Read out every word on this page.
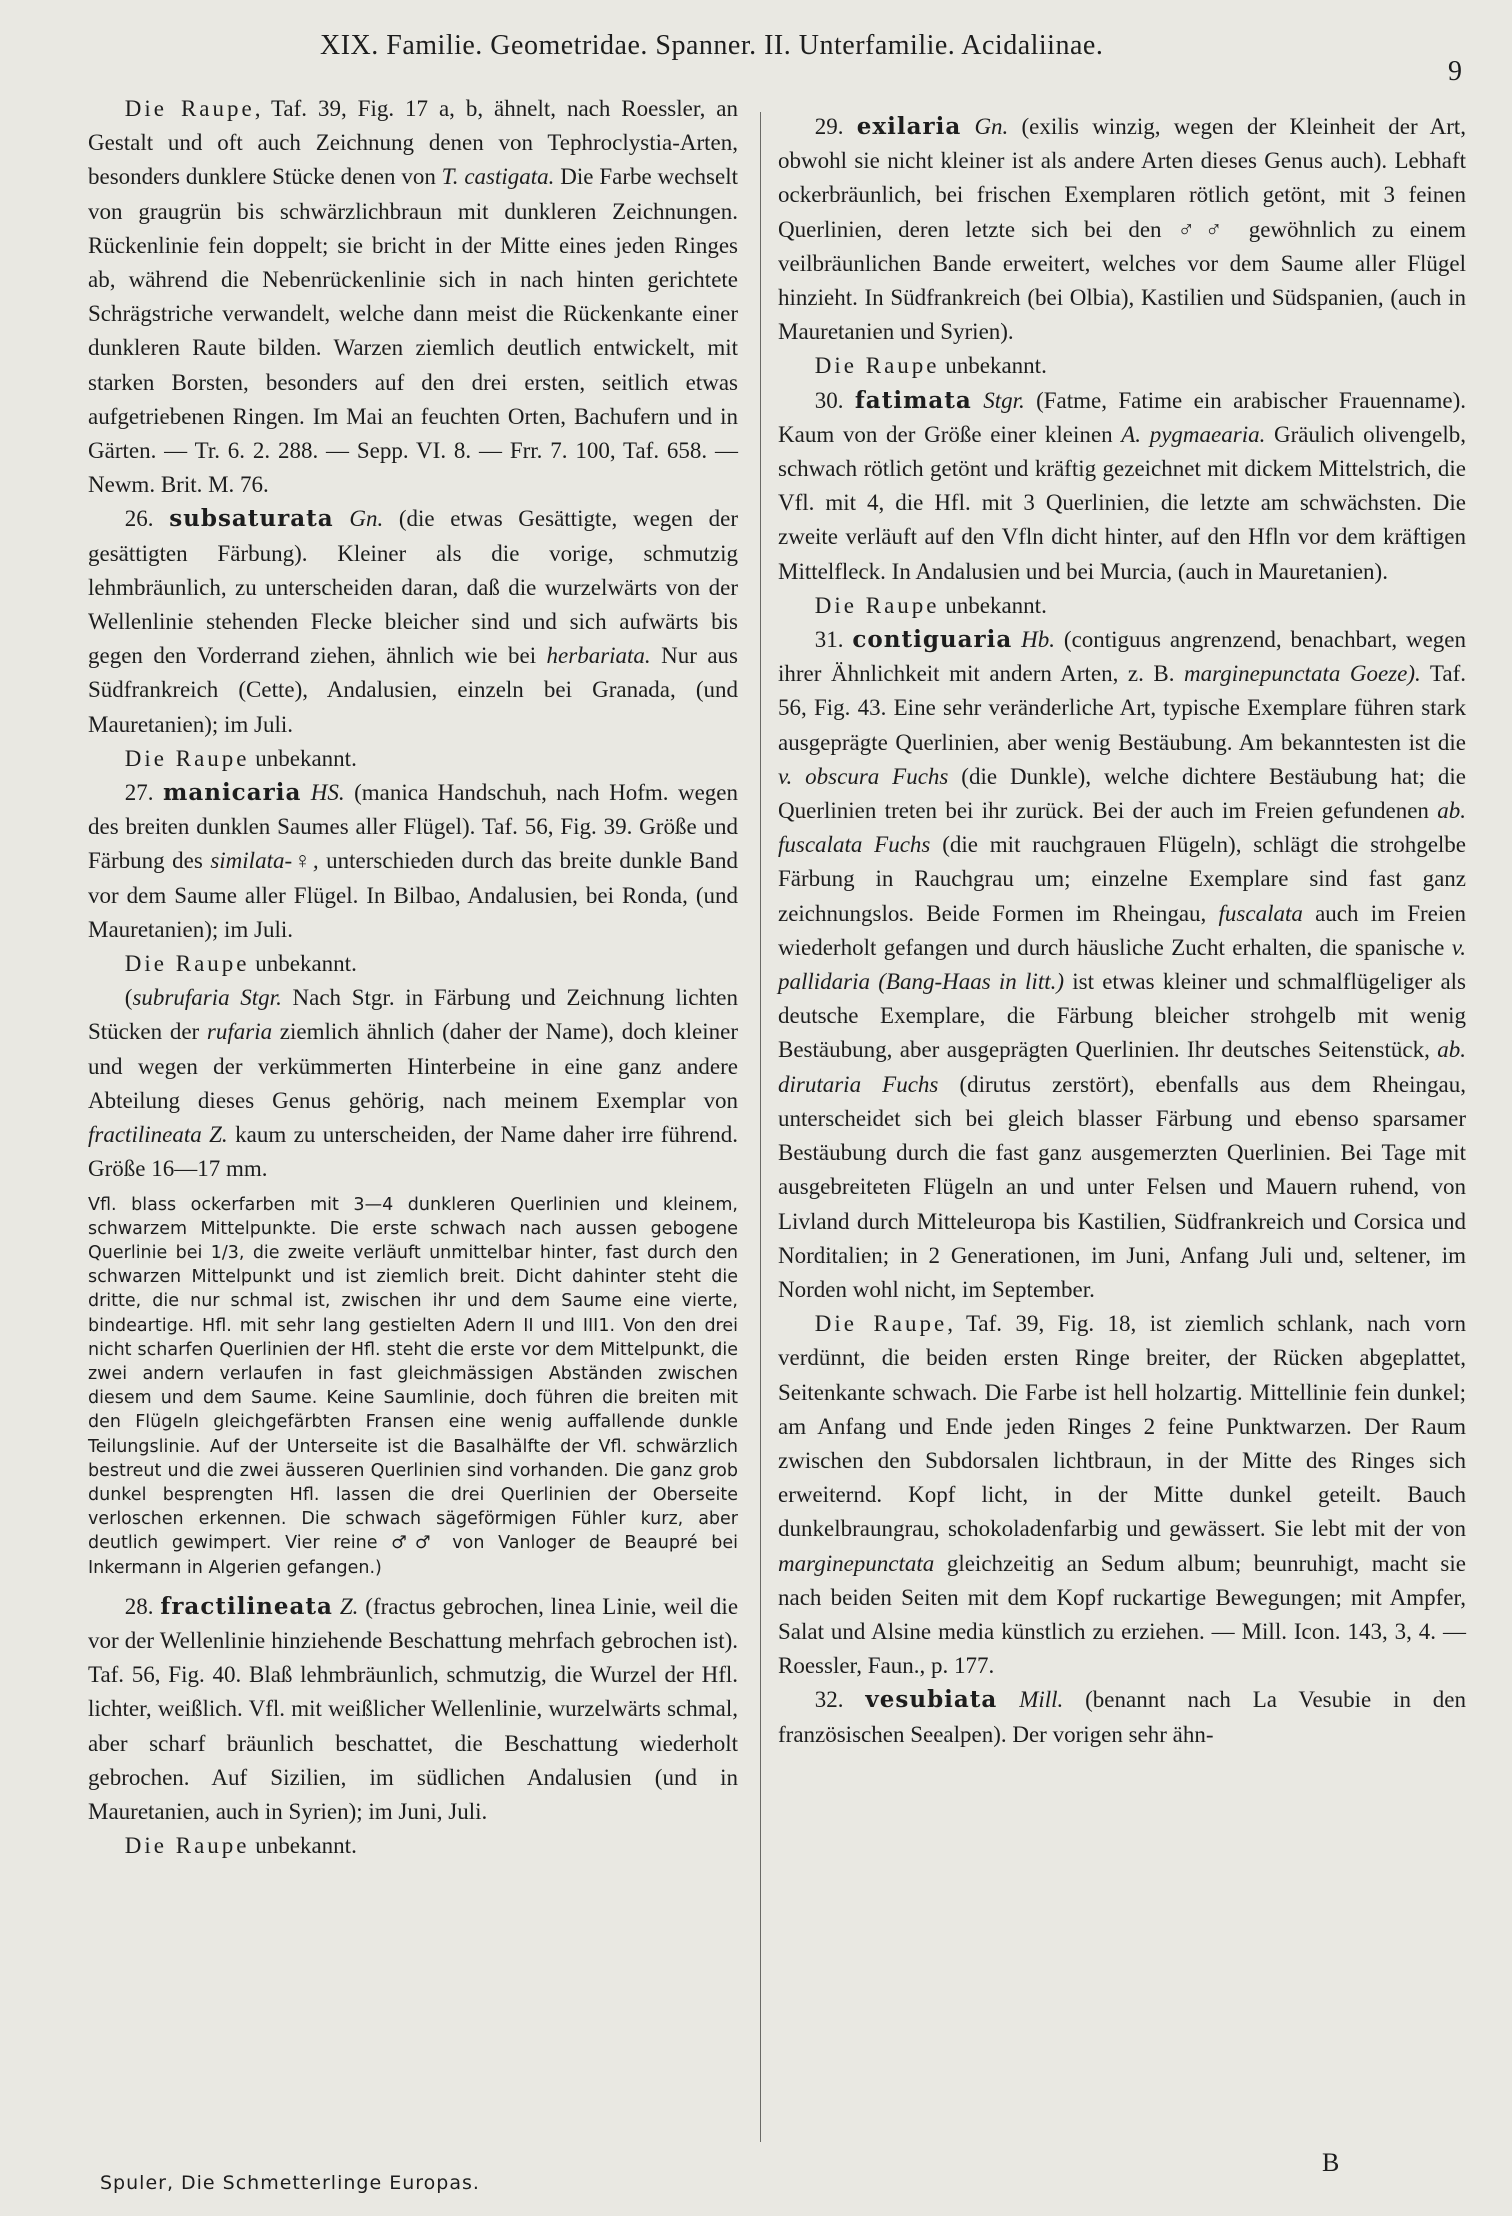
XIX. Familie. Geometridae. Spanner. II. Unterfamilie. Acidaliinae.
9

Die Raupe, Taf. 39, Fig. 17 a, b, ähnelt, nach Roessler, an Gestalt und oft auch Zeichnung denen von Tephroclystia-Arten, besonders dunklere Stücke denen von T. castigata. Die Farbe wechselt von graugrün bis schwärzlichbraun mit dunkleren Zeichnungen. Rückenlinie fein doppelt; sie bricht in der Mitte eines jeden Ringes ab, während die Nebenrückenlinie sich in nach hinten gerichtete Schrägstriche verwandelt, welche dann meist die Rückenkante einer dunkleren Raute bilden. Warzen ziemlich deutlich entwickelt, mit starken Borsten, besonders auf den drei ersten, seitlich etwas aufgetriebenen Ringen. Im Mai an feuchten Orten, Bachufern und in Gärten. — Tr. 6. 2. 288. — Sepp. VI. 8. — Frr. 7. 100, Taf. 658. — Newm. Brit. M. 76.

26. subsaturata Gn. (die etwas Gesättigte, wegen der gesättigten Färbung). Kleiner als die vorige, schmutzig lehmbräunlich, zu unterscheiden daran, daß die wurzelwärts von der Wellenlinie stehenden Flecke bleicher sind und sich aufwärts bis gegen den Vorderrand ziehen, ähnlich wie bei herbariata. Nur aus Südfrankreich (Cette), Andalusien, einzeln bei Granada, (und Mauretanien); im Juli.

Die Raupe unbekannt.

27. manicaria HS. (manica Handschuh, nach Hofm. wegen des breiten dunklen Saumes aller Flügel). Taf. 56, Fig. 39. Größe und Färbung des similata-♀, unterschieden durch das breite dunkle Band vor dem Saume aller Flügel. In Bilbao, Andalusien, bei Ronda, (und Mauretanien); im Juli.

Die Raupe unbekannt.

(subrufaria Stgr. Nach Stgr. in Färbung und Zeichnung lichten Stücken der rufaria ziemlich ähnlich (daher der Name), doch kleiner und wegen der verkümmerten Hinterbeine in eine ganz andere Abteilung dieses Genus gehörig, nach meinem Exemplar von fractilineata Z. kaum zu unterscheiden, der Name daher irre führend. Größe 16—17 mm.

Vfl. blass ockerfarben mit 3—4 dunkleren Querlinien und kleinem, schwarzem Mittelpunkte. Die erste schwach nach aussen gebogene Querlinie bei 1/3, die zweite verläuft unmittelbar hinter, fast durch den schwarzen Mittelpunkt und ist ziemlich breit. Dicht dahinter steht die dritte, die nur schmal ist, zwischen ihr und dem Saume eine vierte, bindeartige. Hfl. mit sehr lang gestielten Adern II und III1. Von den drei nicht scharfen Querlinien der Hfl. steht die erste vor dem Mittelpunkt, die zwei andern verlaufen in fast gleichmässigen Abständen zwischen diesem und dem Saume. Keine Saumlinie, doch führen die breiten mit den Flügeln gleichgefärbten Fransen eine wenig auffallende dunkle Teilungslinie. Auf der Unterseite ist die Basalhälfte der Vfl. schwärzlich bestreut und die zwei äusseren Querlinien sind vorhanden. Die ganz grob dunkel besprengten Hfl. lassen die drei Querlinien der Oberseite verloschen erkennen. Die schwach sägeförmigen Fühler kurz, aber deutlich gewimpert. Vier reine ♂♂ von Vanloger de Beaupré bei Inkermann in Algerien gefangen.)

28. fractilineata Z. (fractus gebrochen, linea Linie, weil die vor der Wellenlinie hinziehende Beschattung mehrfach gebrochen ist). Taf. 56, Fig. 40. Blaß lehmbräunlich, schmutzig, die Wurzel der Hfl. lichter, weißlich. Vfl. mit weißlicher Wellenlinie, wurzelwärts schmal, aber scharf bräunlich beschattet, die Beschattung wiederholt gebrochen. Auf Sizilien, im südlichen Andalusien (und in Mauretanien, auch in Syrien); im Juni, Juli.

Die Raupe unbekannt.

29. exilaria Gn. (exilis winzig, wegen der Kleinheit der Art, obwohl sie nicht kleiner ist als andere Arten dieses Genus auch). Lebhaft ockerbräunlich, bei frischen Exemplaren rötlich getönt, mit 3 feinen Querlinien, deren letzte sich bei den ♂♂ gewöhnlich zu einem veilbräunlichen Bande erweitert, welches vor dem Saume aller Flügel hinzieht. In Südfrankreich (bei Olbia), Kastilien und Südspanien, (auch in Mauretanien und Syrien).

Die Raupe unbekannt.

30. fatimata Stgr. (Fatme, Fatime ein arabischer Frauenname). Kaum von der Größe einer kleinen A. pygmaearia. Gräulich olivengelb, schwach rötlich getönt und kräftig gezeichnet mit dickem Mittelstrich, die Vfl. mit 4, die Hfl. mit 3 Querlinien, die letzte am schwächsten. Die zweite verläuft auf den Vfln dicht hinter, auf den Hfln vor dem kräftigen Mittelfleck. In Andalusien und bei Murcia, (auch in Mauretanien).

Die Raupe unbekannt.

31. contiguaria Hb. (contiguus angrenzend, benachbart, wegen ihrer Ähnlichkeit mit andern Arten, z. B. marginepunctata Goeze). Taf. 56, Fig. 43. Eine sehr veränderliche Art, typische Exemplare führen stark ausgeprägte Querlinien, aber wenig Bestäubung. Am bekanntesten ist die v. obscura Fuchs (die Dunkle), welche dichtere Bestäubung hat; die Querlinien treten bei ihr zurück. Bei der auch im Freien gefundenen ab. fuscalata Fuchs (die mit rauchgrauen Flügeln), schlägt die strohgelbe Färbung in Rauchgrau um; einzelne Exemplare sind fast ganz zeichnungslos. Beide Formen im Rheingau, fuscalata auch im Freien wiederholt gefangen und durch häusliche Zucht erhalten, die spanische v. pallidaria (Bang-Haas in litt.) ist etwas kleiner und schmalflügeliger als deutsche Exemplare, die Färbung bleicher strohgelb mit wenig Bestäubung, aber ausgeprägten Querlinien. Ihr deutsches Seitenstück, ab. dirutaria Fuchs (dirutus zerstört), ebenfalls aus dem Rheingau, unterscheidet sich bei gleich blasser Färbung und ebenso sparsamer Bestäubung durch die fast ganz ausgemerzten Querlinien. Bei Tage mit ausgebreiteten Flügeln an und unter Felsen und Mauern ruhend, von Livland durch Mitteleuropa bis Kastilien, Südfrankreich und Corsica und Norditalien; in 2 Generationen, im Juni, Anfang Juli und, seltener, im Norden wohl nicht, im September.

Die Raupe, Taf. 39, Fig. 18, ist ziemlich schlank, nach vorn verdünnt, die beiden ersten Ringe breiter, der Rücken abgeplattet, Seitenkante schwach. Die Farbe ist hell holzartig. Mittellinie fein dunkel; am Anfang und Ende jeden Ringes 2 feine Punktwarzen. Der Raum zwischen den Subdorsalen lichtbraun, in der Mitte des Ringes sich erweiternd. Kopf licht, in der Mitte dunkel geteilt. Bauch dunkelbraungrau, schokoladenfarbig und gewässert. Sie lebt mit der von marginepunctata gleichzeitig an Sedum album; beunruhigt, macht sie nach beiden Seiten mit dem Kopf ruckartige Bewegungen; mit Ampfer, Salat und Alsine media künstlich zu erziehen. — Mill. Icon. 143, 3, 4. — Roessler, Faun., p. 177.

32. vesubiata Mill. (benannt nach La Vesubie in den französischen Seealpen). Der vorigen sehr ähn-

B
Spuler, Die Schmetterlinge Europas.
